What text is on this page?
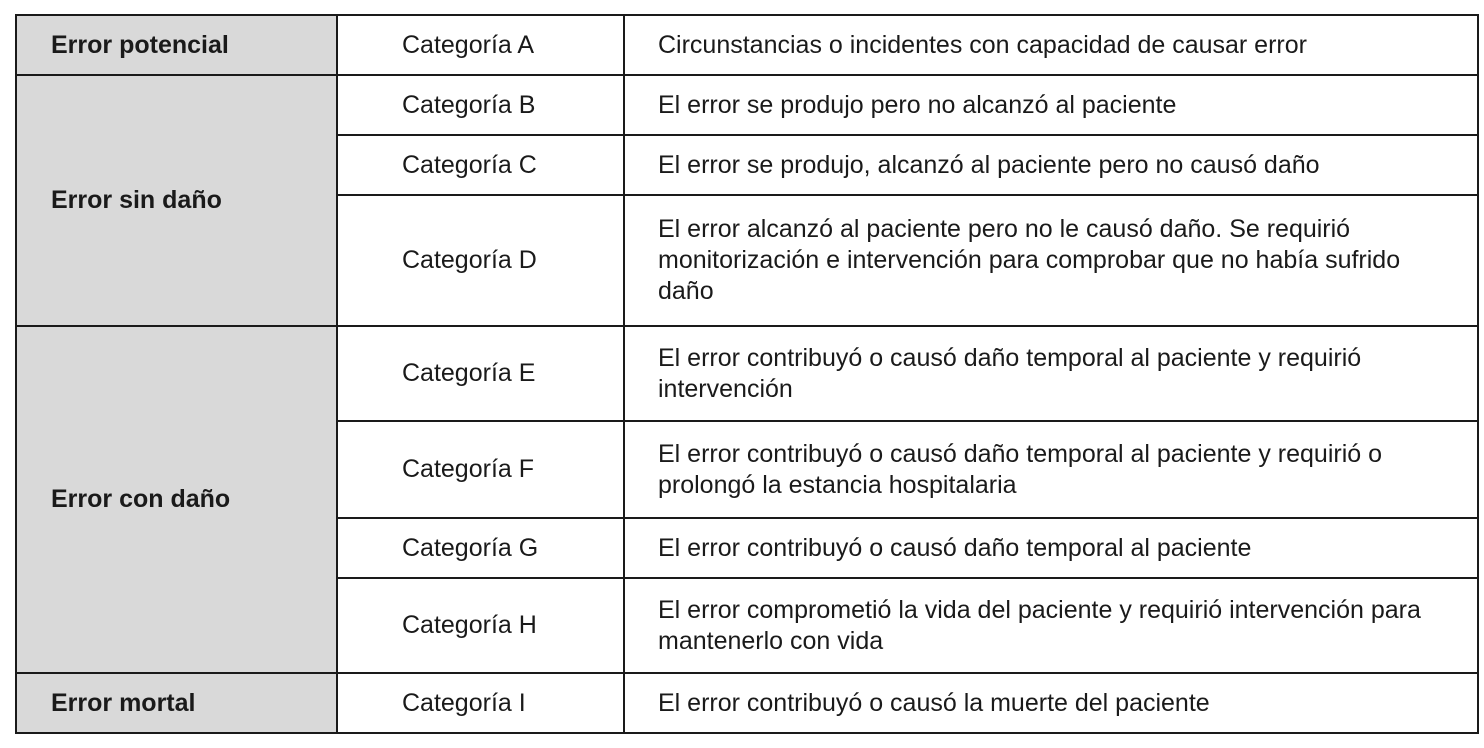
Error potencial	Categoría A	Circunstancias o incidentes con capacidad de causar error
Error sin daño	Categoría B	El error se produjo pero no alcanzó al paciente
	Categoría C	El error se produjo, alcanzó al paciente pero no causó daño
	Categoría D	El error alcanzó al paciente pero no le causó daño. Se requirió monitorización e intervención para comprobar que no había sufrido daño
Error con daño	Categoría E	El error contribuyó o causó daño temporal al paciente y requirió intervención
	Categoría F	El error contribuyó o causó daño temporal al paciente y requirió o prolongó la estancia hospitalaria
	Categoría G	El error contribuyó o causó daño temporal al paciente
	Categoría H	El error comprometió la vida del paciente y requirió intervención para mantenerlo con vida
Error mortal	Categoría I	El error contribuyó o causó la muerte del paciente
